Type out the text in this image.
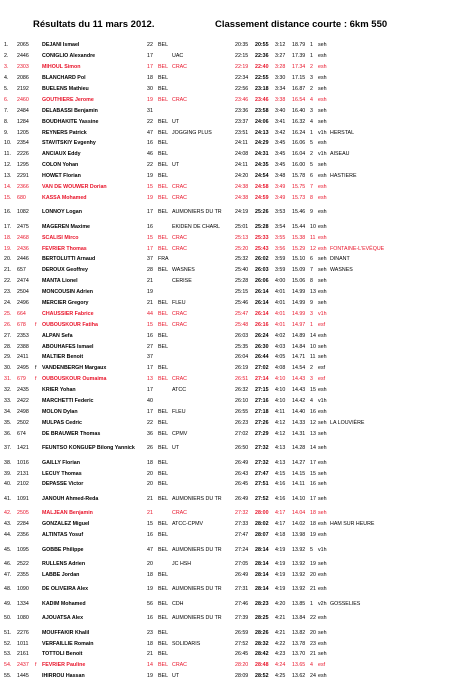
Résultats du 11 mars 2012.	Classement distance courte : 6km 550
1.	2065		DEJANI Ismael	22	BEL		20:35	20:55	3:12	18.79	1	seh	
2.	2446		CONIGLIO Alexandre	17		UAC	22:15	22:36	3:27	17.39	1	esh	
3.	2303		MIHOUL Simon	17	BEL	CRAC	22:19	22:40	3:28	17.34	2	esh	
4.	2086		BLANCHARD Pol	18	BEL		22:34	22:55	3:30	17.15	3	esh	
5.	2192		BUELENS Mathieu	30	BEL		22:56	23:18	3:34	16.87	2	seh	
6.	2460		GOUTHIERE Jerome	19	BEL	CRAC	23:46	23:46	3:38	16.54	4	esh	
7.	2484		DELABASSI Benjamin	31			23:36	23:58	3:40	16.40	3	seh	
8.	1284		BOUDHAKITE Yassine	22	BEL	UT	23:37	24:06	3:41	16.32	4	seh	
9.	1205		REYNERS Patrick	47	BEL	JOGGING PLUS	23:51	24:13	3:42	16.24	1	v1h	HERSTAL
10.	2354		STAVITSKIY Evgenhy	16	BEL		24:11	24:29	3:45	16.06	5	esh	
11.	2226		ANCIAUX Eddy	46	BEL		24:08	24:31	3:45	16.04	2	v1h	AISEAU
12.	1295		COLON Yohan	22	BEL	UT	24:11	24:35	3:45	16.00	5	seh	
13.	2291		HOWET Florian	19	BEL		24:20	24:54	3:48	15.78	6	esh	HASTIERE
14.	2366		VAN DE WOUWER Dorian	15	BEL	CRAC	24:38	24:58	3:49	15.75	7	esh	
15.	680		KASSA Mohamed	19	BEL	CRAC	24:38	24:59	3:49	15.73	8	esh	
16.	1082		LONNOY Logan	17	BEL	AUMONIERS DU TR	24:19	25:26	3:53	15.46	9	esh	
17.	2475		MAGEREN Maxime	16		EKIDEN DE CHARL	25:01	25:28	3:54	15.44	10	esh	
18.	2468		SCALISI Mirco	15	BEL	CRAC	25:13	25:33	3:55	15.38	11	esh	
19.	2436		FEVRIER Thomas	17	BEL	CRAC	25:20	25:43	3:56	15.29	12	esh	FONTAINE-L'EVÊQUE
20.	2446		BERTOLUTTI Arnaud	37	FRA		25:32	26:02	3:59	15.10	6	seh	DINANT
21.	657		DEROUX Geoffrey	28	BEL	WASNES	25:40	26:03	3:59	15.09	7	seh	WASNES
22.	2474		MANTA Lionel	21		CERISE	25:28	26:06	4:00	15.06	8	seh	
23.	2504		MONCOUSIN Adrien	19			25:15	26:14	4:01	14.99	13	esh	
24.	2496		MERCIER Gregory	21	BEL	FLEU	25:46	26:14	4:01	14.99	9	seh	
25.	664		CHAUSSIER Fabrice	44	BEL	CRAC	25:47	26:14	4:01	14.99	3	v1h	
26.	678	f	OUBOUSKOUR Fatiha	15	BEL	CRAC	25:48	26:16	4:01	14.97	1	esf	
27.	2353		ALPAN Sefa	16	BEL		26:03	26:24	4:02	14.89	14	esh	
28.	2388		ABOUHAFES Ismael	27	BEL		25:35	26:30	4:03	14.84	10	seh	
29.	2411		MALTIER Benoit	37			26:04	26:44	4:05	14.71	11	seh	
30.	2495	f	VANDENBERGH Margaux	17	BEL		26:19	27:02	4:08	14.54	2	esf	
31.	679	f	OUBOUSKOUR Oumaima	13	BEL	CRAC	26:51	27:14	4:10	14.43	3	esf	
32.	2435		KRIER Yohan	17		ATCC	26:32	27:15	4:10	14.43	15	esh	
33.	2422		MARCHETTI Federic	40			26:10	27:16	4:10	14.42	4	v1h	
34.	2498		MOLON Dylan	17	BEL	FLEU	26:55	27:18	4:11	14.40	16	esh	
35.	2502		MULPAS Cedric	22	BEL		26:23	27:26	4:12	14.33	12	seh	LA LOUVIÈRE
36.	674		DE BRAUWER Thomas	36	BEL	CPMV	27:02	27:29	4:12	14.31	13	seh	
37.	1421		FEUNTSO KONGUEP Bilong Yannick	26	BEL	UT	26:50	27:32	4:13	14.28	14	seh	
38.	1016		GAILLY Florian	18	BEL		26:49	27:32	4:13	14.27	17	esh	
39.	2131		LECUY Thomas	20	BEL		26:43	27:47	4:15	14.15	15	seh	
40.	2102		DEPASSE Victor	20	BEL		26:45	27:51	4:16	14.11	16	seh	
41.	1091		JANOUH Ahmed-Reda	21	BEL	AUMONIERS DU TR	26:49	27:52	4:16	14.10	17	seh	
42.	2505		MALJEAN Benjamin	21		CRAC	27:32	28:00	4:17	14.04	18	seh	
43.	2284		GONZALEZ Miguel	15	BEL	ATCC-CPMV	27:33	28:02	4:17	14.02	18	esh	HAM SUR HEURE
44.	2356		ALTINTAS Yosuf	16	BEL		27:47	28:07	4:18	13.98	19	esh	
45.	1095		GOBBE Philippe	47	BEL	AUMONIERS DU TR	27:24	28:14	4:19	13.92	5	v1h	
46.	2522		RULLENS Adrien	20		JC HSH	27:05	28:14	4:19	13.92	19	seh	
47.	2355		LABBE Jordan	18	BEL		26:49	28:14	4:19	13.92	20	esh	
48.	1090		DE OLIVEIRA Alex	19	BEL	AUMONIERS DU TR	27:31	28:14	4:19	13.92	21	esh	
49.	1334		KADIM Mohamed	56	BEL	CDH	27:46	28:23	4:20	13.85	1	v2h	GOSSELIES
50.	1080		AJOUATSA Alex	16	BEL	AUMONIERS DU TR	27:39	28:25	4:21	13.84	22	esh	
51.	2276		MOUFFAKIR Khalil	23	BEL		26:59	28:26	4:21	13.82	20	seh	
52.	1011		VERFAILLIE Romain	18	BEL	SOLIDARIS	27:52	28:32	4:22	13.78	23	esh	
53.	2161		TOTTOLI Benoit	21	BEL		26:45	28:42	4:23	13.70	21	seh	
54.	2437	f	FEVRIER Pauline	14	BEL	CRAC	28:20	28:48	4:24	13.65	4	esf	
55.	1445		IHIRROU Hassan	19	BEL	UT	28:09	28:52	4:25	13.62	24	esh	
